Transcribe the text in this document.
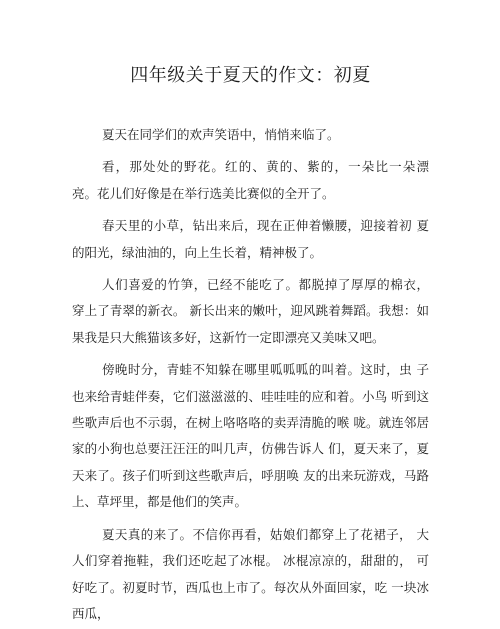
四年级关于夏天的作文：初夏

夏天在同学们的欢声笑语中，悄悄来临了。

看，那处处的野花。红的、黄的、紫的，一朵比一朵漂 亮。花儿们好像是在举行选美比赛似的全开了。

春天里的小草，钻出来后，现在正伸着懒腰，迎接着初 夏的阳光，绿油油的，向上生长着，精神极了。

人们喜爱的竹笋，已经不能吃了。都脱掉了厚厚的棉衣， 穿上了青翠的新衣。 新长出来的嫩叶，迎风跳着舞蹈。我想：如果我是只大熊猫该多好，这新竹一定即漂亮又美味又吧。

傍晚时分，青蛙不知躲在哪里呱呱呱的叫着。这时，虫 子也来给青蛙伴奏，它们滋滋滋的、哇哇哇的应和着。小鸟 听到这些歌声后也不示弱，在树上咯咯咯的卖弄清脆的喉 咙。就连邻居家的小狗也总要汪汪汪的叫几声，仿佛告诉人 们，夏天来了，夏天来了。孩子们听到这些歌声后，呼朋唤 友的出来玩游戏，马路上、草坪里，都是他们的笑声。

夏天真的来了。不信你再看，姑娘们都穿上了花裙子， 大人们穿着拖鞋，我们还吃起了冰棍。 冰棍凉凉的，甜甜的， 可好吃了。初夏时节，西瓜也上市了。每次从外面回家，吃 一块冰西瓜，
